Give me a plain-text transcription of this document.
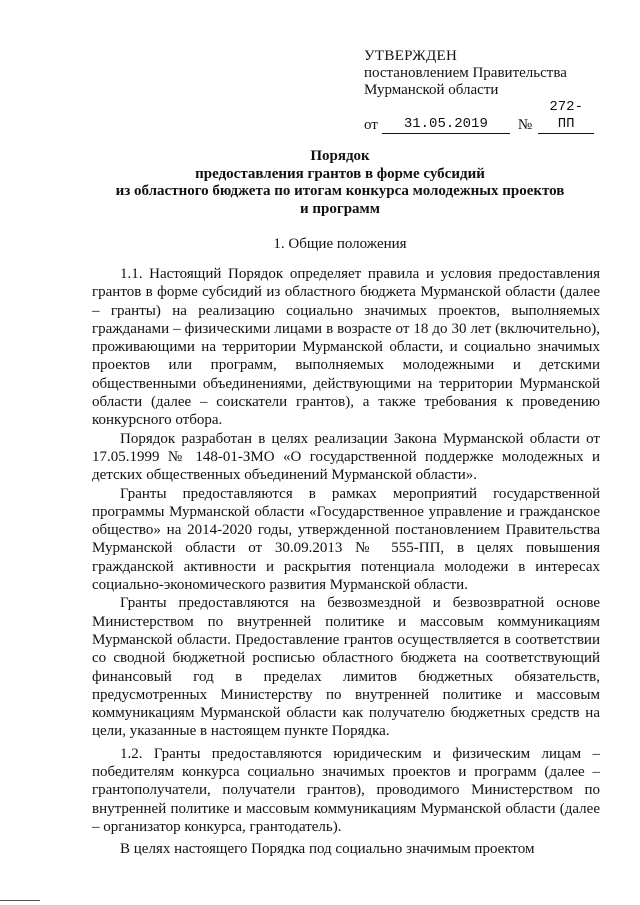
УТВЕРЖДЕН
постановлением Правительства
Мурманской области
от	31.05.2019	№
272-ПП
Порядок
предоставления грантов в форме субсидий
из областного бюджета по итогам конкурса молодежных проектов
и программ
1. Общие положения

1.1. Настоящий Порядок определяет правила и условия предоставления грантов в форме субсидий из областного бюджета Мурманской области (далее – гранты) на реализацию социально значимых проектов, выполняемых гражданами – физическими лицами в возрасте от 18 до 30 лет (включительно), проживающими на территории Мурманской области, и социально значимых проектов или программ, выполняемых молодежными и детскими общественными объединениями, действующими на территории Мурманской области (далее – соискатели грантов), а также требования к проведению конкурсного отбора.

Порядок разработан в целях реализации Закона Мурманской области от 17.05.1999 № 148-01-ЗМО «О государственной поддержке молодежных и детских общественных объединений Мурманской области».

Гранты предоставляются в рамках мероприятий государственной программы Мурманской области «Государственное управление и гражданское общество» на 2014-2020 годы, утвержденной постановлением Правительства Мурманской области от 30.09.2013 № 555-ПП, в целях повышения гражданской активности и раскрытия потенциала молодежи в интересах социально-экономического развития Мурманской области.

Гранты предоставляются на безвозмездной и безвозвратной основе Министерством по внутренней политике и массовым коммуникациям Мурманской области. Предоставление грантов осуществляется в соответствии со сводной бюджетной росписью областного бюджета на соответствующий финансовый год в пределах лимитов бюджетных обязательств, предусмотренных Министерству по внутренней политике и массовым коммуникациям Мурманской области как получателю бюджетных средств на цели, указанные в настоящем пункте Порядка.

1.2. Гранты предоставляются юридическим и физическим лицам – победителям конкурса социально значимых проектов и программ (далее – грантополучатели, получатели грантов), проводимого Министерством по внутренней политике и массовым коммуникациям Мурманской области (далее – организатор конкурса, грантодатель).

В целях настоящего Порядка под социально значимым проектом
